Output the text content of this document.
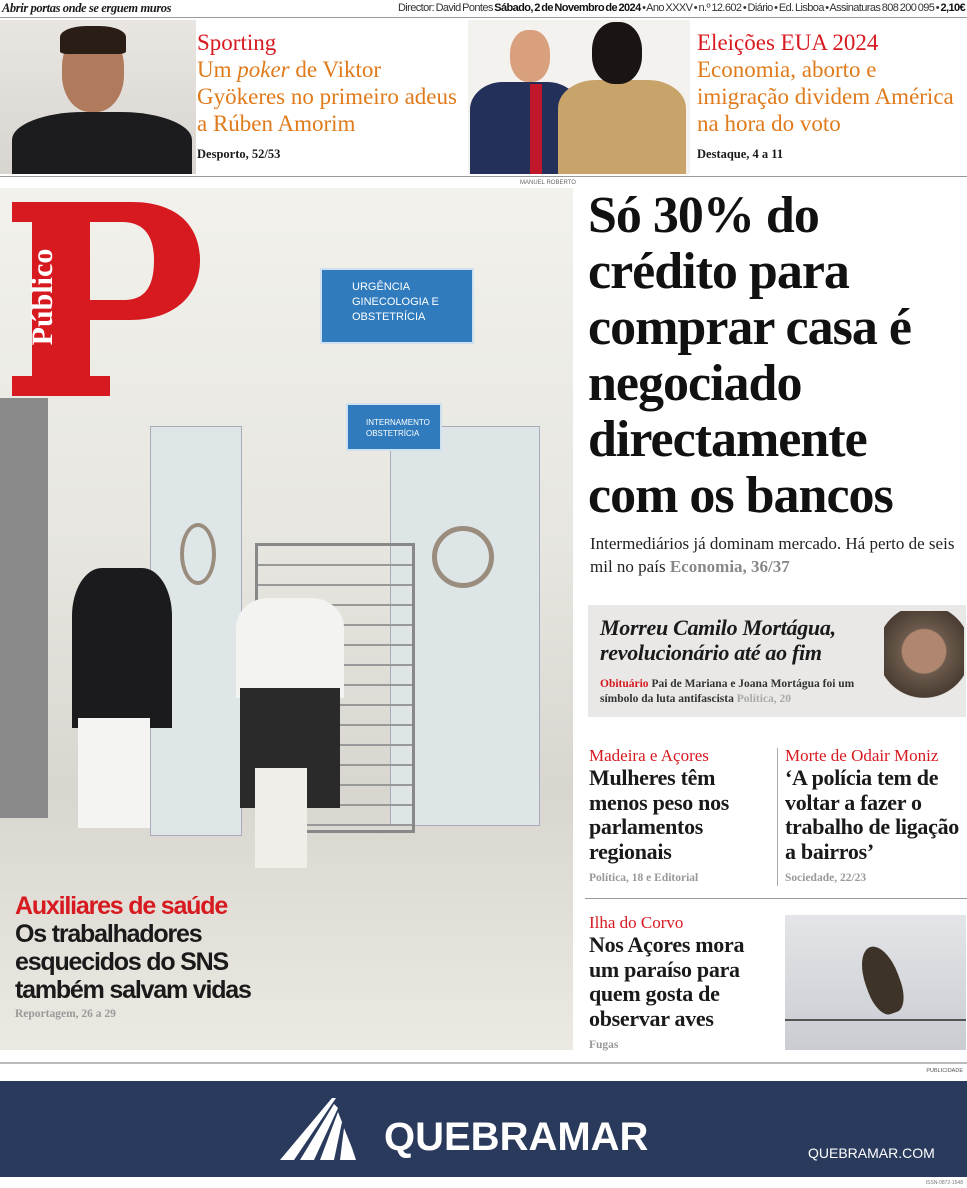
Abrir portas onde se erguem muros	Director: David Pontes Sábado, 2 de Novembro de 2024 • Ano XXXV • n.º 12.602 • Diário • Ed. Lisboa • Assinaturas 808 200 095 • 2,10€
Sporting
Um poker de Viktor Gyökeres no primeiro adeus a Rúben Amorim
Desporto, 52/53
Eleições EUA 2024
Economia, aborto e imigração dividem América na hora do voto
Destaque, 4 a 11
MANUEL ROBERTO
URGÊNCIA GINECOLOGIA E OBSTETRÍCIA
INTERNAMENTO OBSTETRÍCIA
Público
Auxiliares de saúde
Os trabalhadores esquecidos do SNS também salvam vidas
Reportagem, 26 a 29
Só 30% do crédito para comprar casa é negociado directamente com os bancos
Intermediários já dominam mercado. Há perto de seis mil no país Economia, 36/37
Morreu Camilo Mortágua, revolucionário até ao fim
Obituário Pai de Mariana e Joana Mortágua foi um símbolo da luta antifascista Política, 20
Madeira e Açores
Mulheres têm menos peso nos parlamentos regionais
Política, 18 e Editorial
Morte de Odair Moniz
‘A polícia tem de voltar a fazer o trabalho de ligação a bairros’
Sociedade, 22/23
Ilha do Corvo
Nos Açores mora um paraíso para quem gosta de observar aves
Fugas
PUBLICIDADE
QUEBRAMAR	QUEBRAMAR.COM
ISSN-0872-1548
